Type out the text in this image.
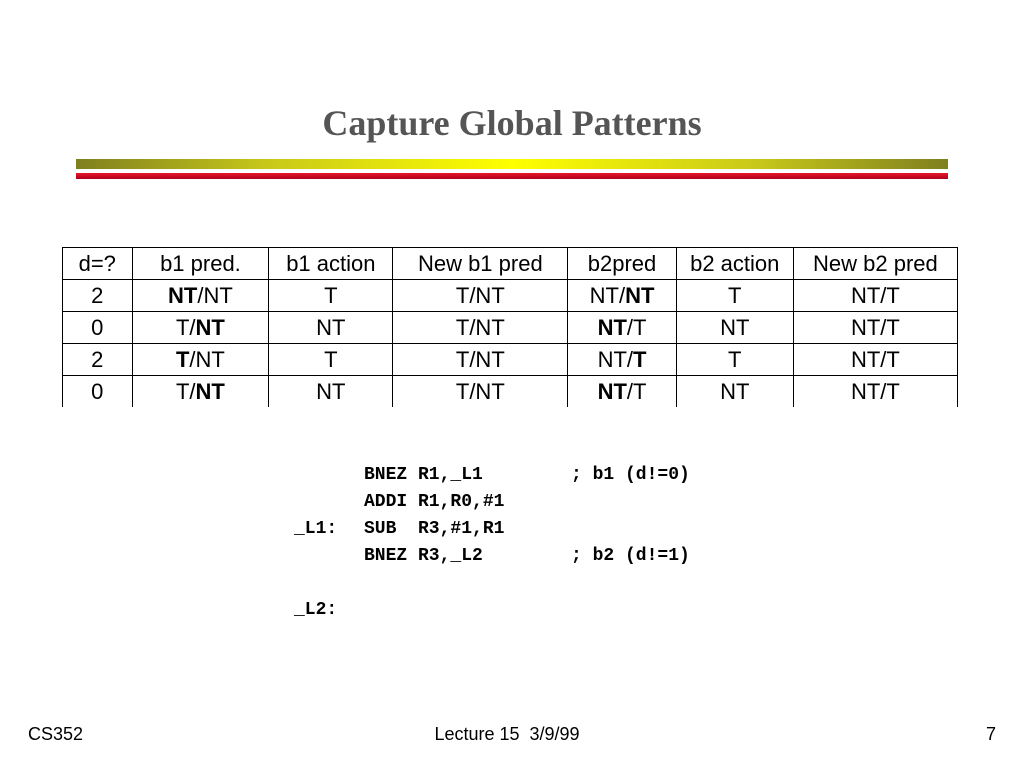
Capture Global Patterns
d=?	b1 pred.	b1 action	New b1 pred	b2pred	b2 action	New b2 pred
2	NT/NT	T	T/NT	NT/NT	T	NT/T
0	T/NT	NT	T/NT	NT/T	NT	NT/T
2	T/NT	T	T/NT	NT/T	T	NT/T
0	T/NT	NT	T/NT	NT/T	NT	NT/T
BNEZ R1,_L1	; b1 (d!=0)
ADDI R1,R0,#1
_L1: SUB  R3,#1,R1
BNEZ R3,_L2	; b2 (d!=1)
_L2:
CS352	Lecture 15  3/9/99	7
